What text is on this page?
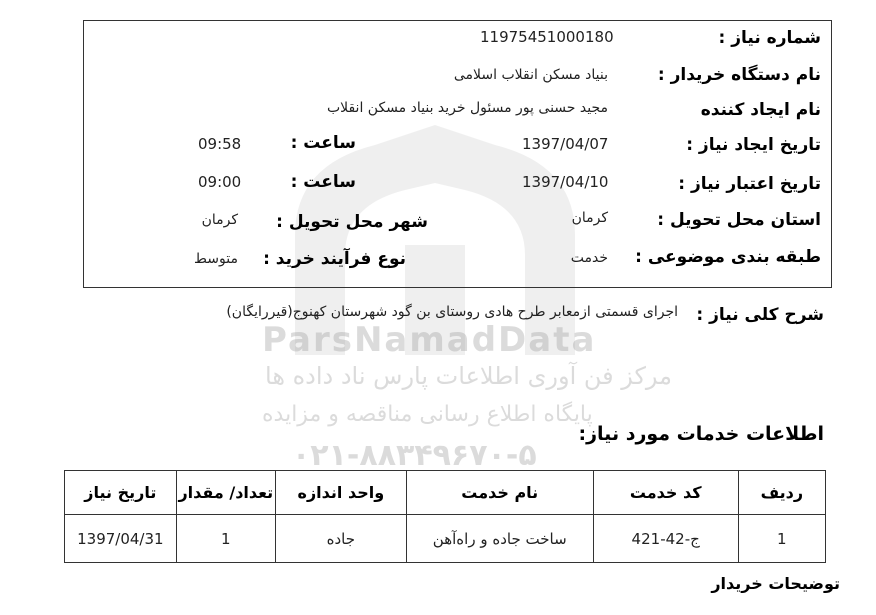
ParsNamadData
مرکز فن آوری اطلاعات پارس ناد داده ها
پایگاه اطلاع رسانی مناقصه و مزایده
۰۲۱-۸۸۳۴۹۶۷۰-۵
شماره نیاز :
11975451000180
نام دستگاه خریدار :
بنیاد مسکن انقلاب اسلامی
نام ایجاد کننده
مجید حسنی پور مسئول خرید بنیاد مسکن انقلاب
تاریخ ایجاد نیاز :
1397/04/07
ساعت :
09:58
تاریخ اعتبار نیاز :
1397/04/10
ساعت :
09:00
استان محل تحویل :
کرمان
شهر محل تحویل :
کرمان
طبقه بندی موضوعی :
خدمت
نوع فرآیند خرید :
متوسط
شرح کلی نیاز :
اجرای قسمتی ازمعابر طرح هادی روستای بن گود شهرستان کهنوج(قیررایگان)
اطلاعات خدمات مورد نیاز:
ردیف	کد خدمت	نام خدمت	واحد اندازه	تعداد/ مقدار	تاریخ نیاز
1	ج-42-421	ساخت جاده و راه‌آهن	جاده	1	1397/04/31
توضیحات خریدار
